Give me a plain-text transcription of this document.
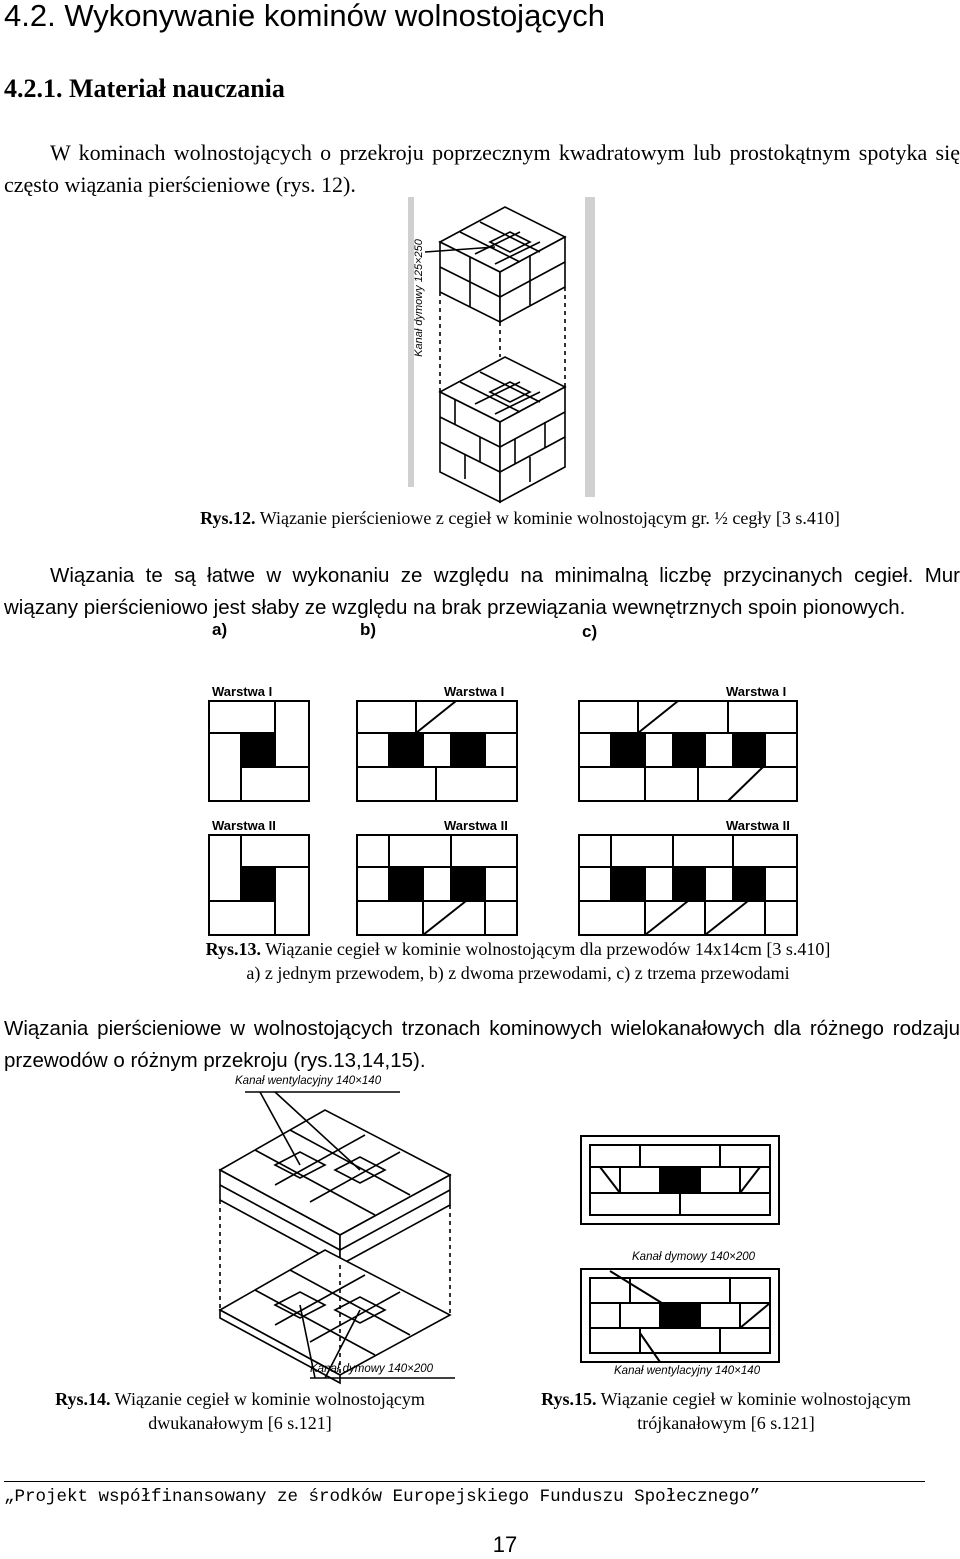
4.2. Wykonywanie kominów wolnostojących
4.2.1. Materiał nauczania
W kominach wolnostojących o przekroju poprzecznym kwadratowym lub prostokątnym spotyka się często wiązania pierścieniowe (rys. 12).
Kanał dymowy 125×250
Rys.12. Wiązanie pierścieniowe z cegieł w kominie wolnostojącym gr. ½ cegły [3 s.410]
Wiązania te są łatwe w wykonaniu ze względu na minimalną liczbę przycinanych cegieł. Mur wiązany pierścieniowo jest słaby ze względu na brak przewiązania wewnętrznych spoin pionowych.
a)	b)	c)
Warstwa I	Warstwa I	Warstwa I
Warstwa II	Warstwa II	Warstwa II
Rys.13. Wiązanie cegieł w kominie wolnostojącym dla przewodów 14x14cm [3 s.410]
a) z jednym przewodem, b) z dwoma przewodami, c) z trzema przewodami
Wiązania pierścieniowe w wolnostojących trzonach kominowych wielokanałowych dla różnego rodzaju przewodów o różnym przekroju (rys.13,14,15).
Kanał wentylacyjny 140×140
Kanał dymowy 140×200
Kanał dymowy 140×200
Kanał wentylacyjny 140×140
Rys.14. Wiązanie cegieł w kominie wolnostojącym
dwukanałowym [6 s.121]
Rys.15. Wiązanie cegieł w kominie wolnostojącym
trójkanałowym [6 s.121]
„Projekt współfinansowany ze środków Europejskiego Funduszu Społecznego”
17
